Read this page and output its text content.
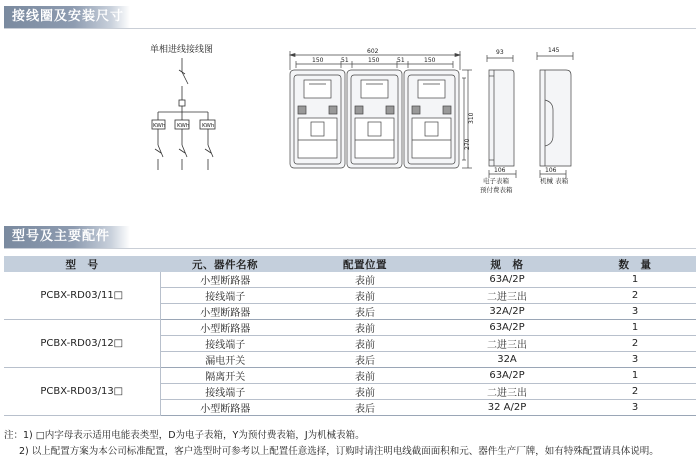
接线圈及安装尺寸
单相进线接线图
KWh KWh KWh
602
150	51	150	51	150
310
270
93
106
电子表箱
预付费表箱
145
106
机械 表箱
型号及主要配件
型　号	元、器件名称	配置位置	规　格	数　量
PCBX-RD03/11□	小型断路器	表前	63A/2P	1
	接线端子	表前	二进三出	2
	小型断路器	表后	32A/2P	3
PCBX-RD03/12□	小型断路器	表前	63A/2P	1
	接线端子	表前	二进三出	2
	漏电开关	表后	32A	3
PCBX-RD03/13□	隔离开关	表前	63A/2P	1
	接线端子	表前	二进三出	2
	小型断路器	表后	32 A/2P	3
注：1) □内字母表示适用电能表类型，D为电子表箱，Y为预付费表箱，J为机械表箱。
2) 以上配置方案为本公司标准配置，客户选型时可参考以上配置任意选择，订购时请注明电线截面面积和元、器件生产厂牌，如有特殊配置请具体说明。
